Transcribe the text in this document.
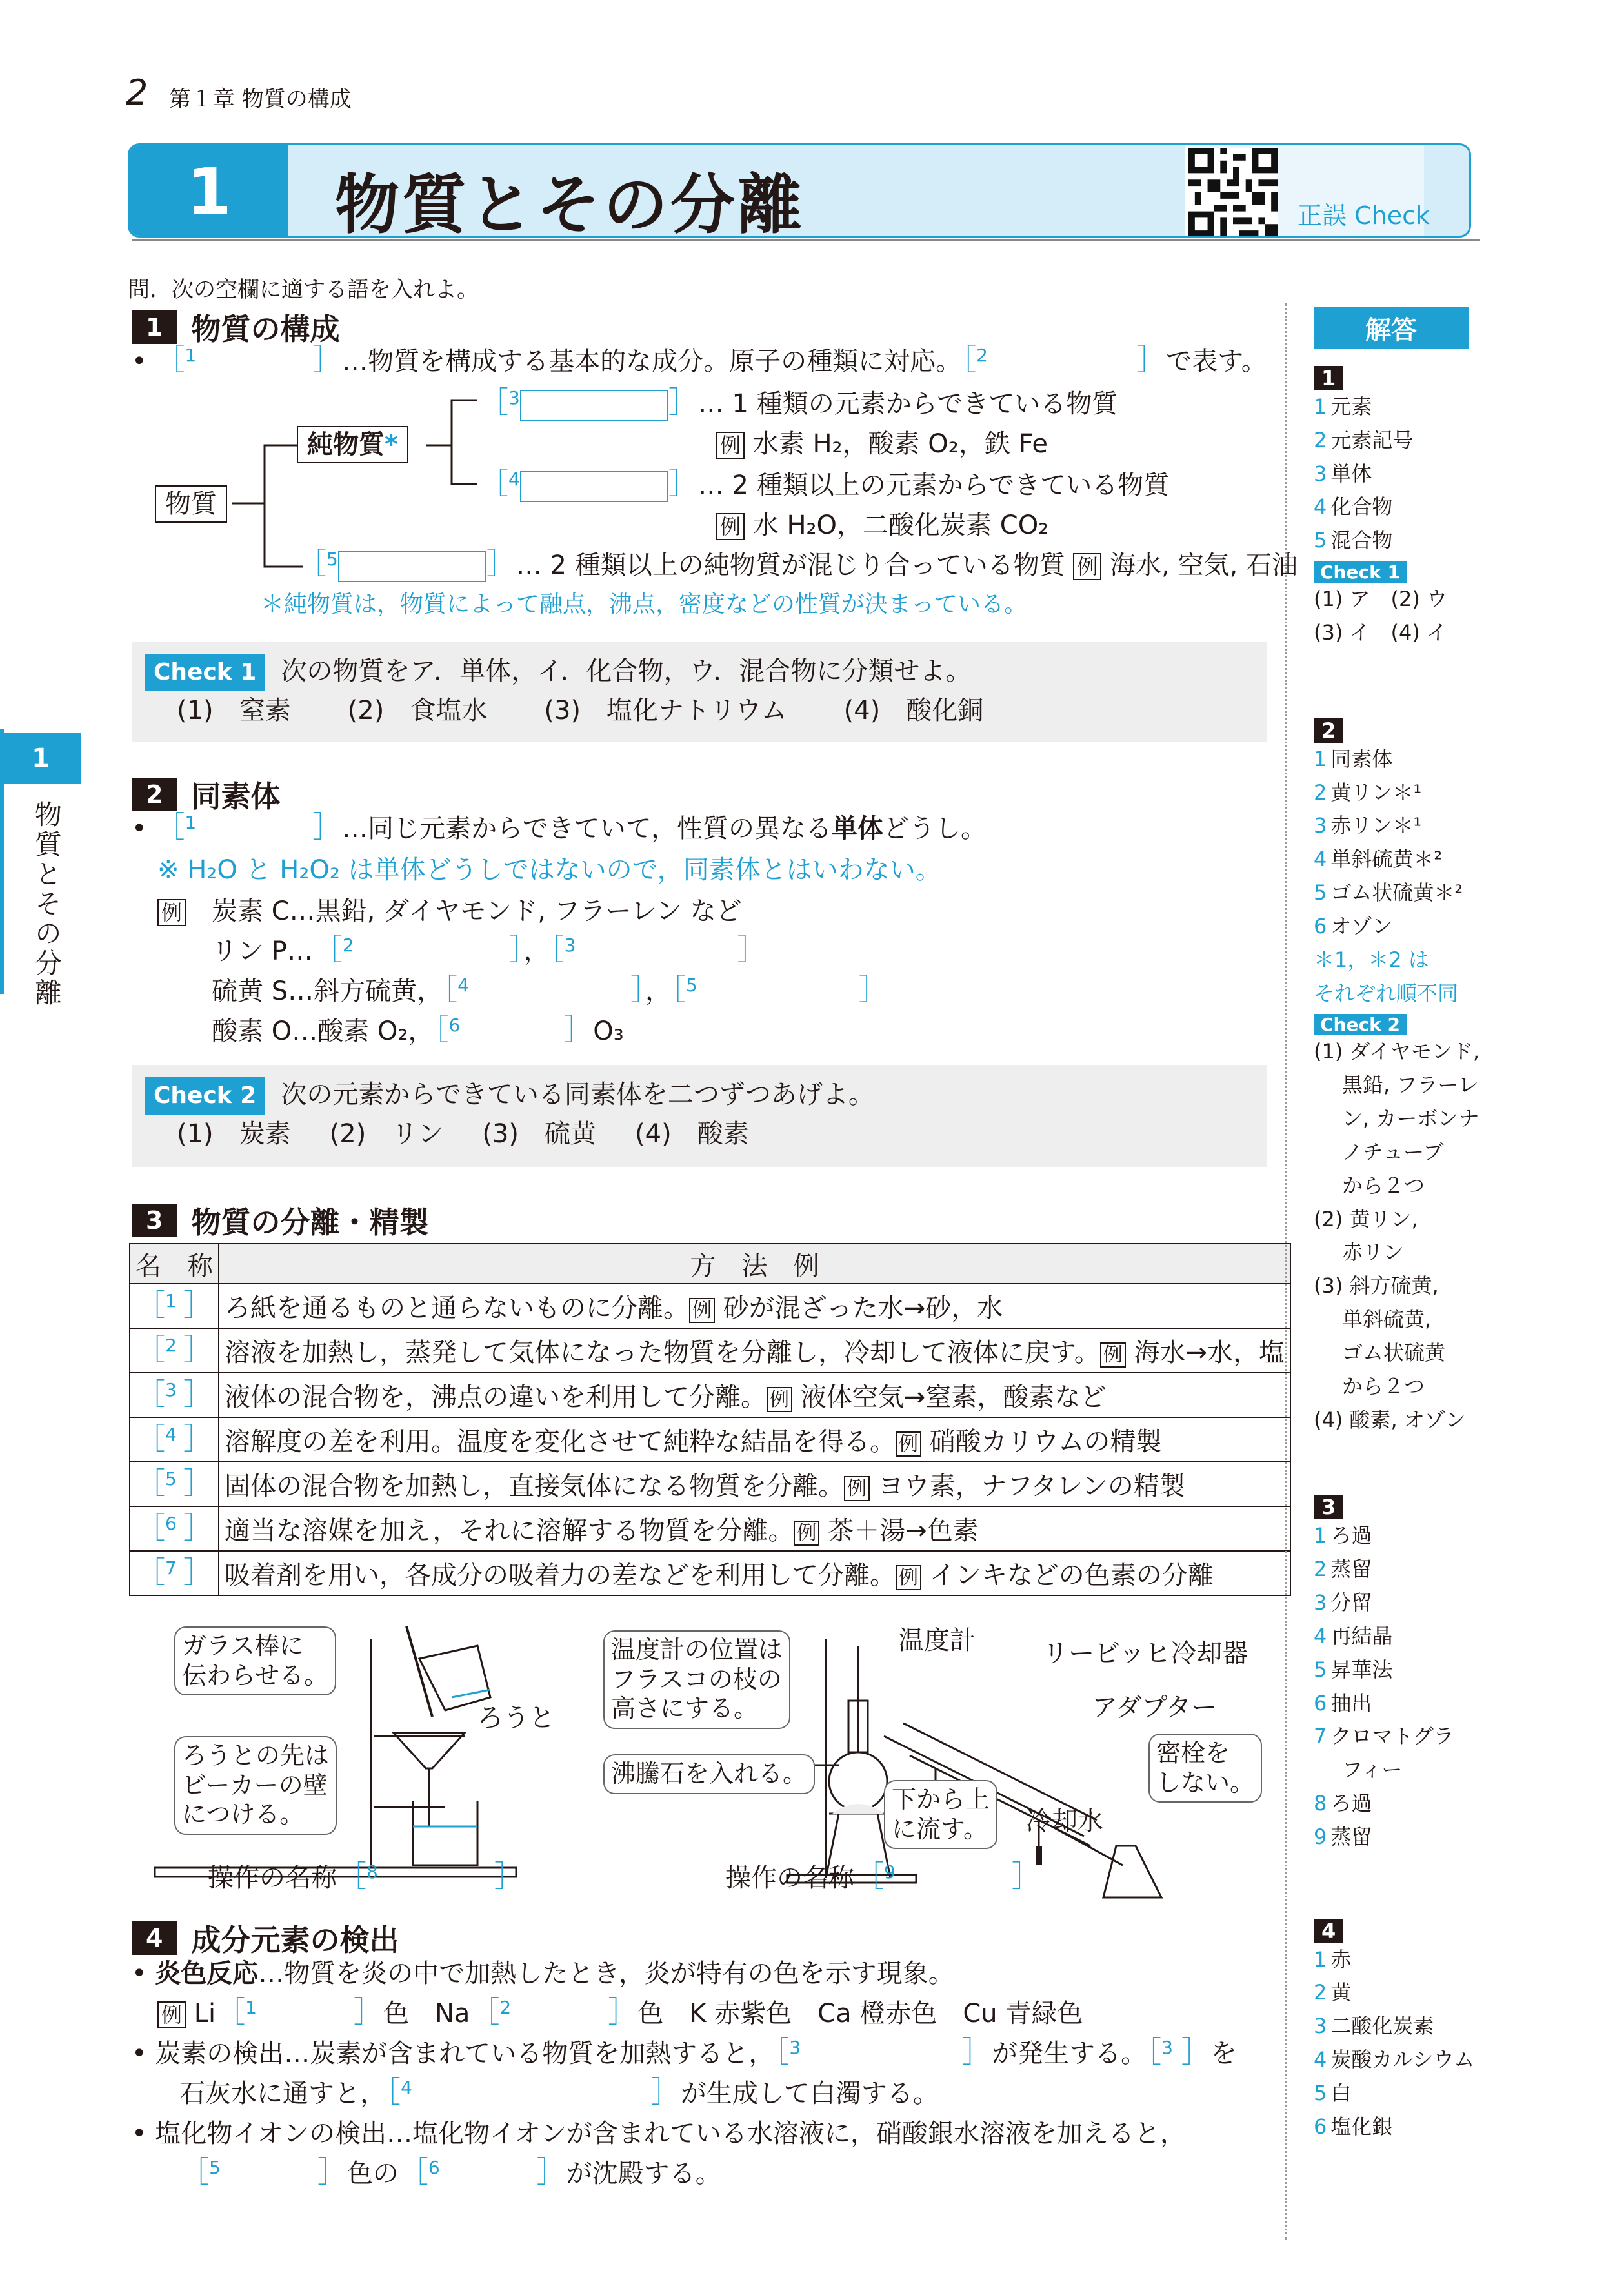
2 第１章 物質の構成
1	物質とその分離	正誤 Check
1
物質とその分離
問．次の空欄に適する語を入れよ。
1 物質の構成
• ［$^1$	］…物質を構成する基本的な成分。原子の種類に対応。［$^2$	］で表す。
物質
純物質*
［$^3$	］… 1 種類の元素からできている物質
例 水素 H₂，酸素 O₂，鉄 Fe
［$^4$	］… 2 種類以上の元素からできている物質
例 水 H₂O，二酸化炭素 CO₂
［$^5$	］… 2 種類以上の純物質が混じり合っている物質 例 海水, 空気, 石油
＊純物質は，物質によって融点，沸点，密度などの性質が決まっている。
Check 1 次の物質をア．単体，イ．化合物，ウ．混合物に分類せよ。
(1)　窒素 (2)　食塩水 (3)　塩化ナトリウム (4)　酸化銅
2 同素体
• ［$^1$	］…同じ元素からできていて，性質の異なる単体どうし。
※ H₂O と H₂O₂ は単体どうしではないので，同素体とはいわない。
例　 炭素 C…黒鉛, ダイヤモンド, フラーレン など
リン P…［$^2$	］，［$^3$	］
硫黄 S…斜方硫黄，［$^4$	］，［$^5$	］
酸素 O…酸素 O₂，［$^6$	］O₃
Check 2 次の元素からできている同素体を二つずつあげよ。
(1)　炭素 (2)　リン (3)　硫黄 (4)　酸素
3 物質の分離・精製
名　称	方　法　例
［$^1$ ］	ろ紙を通るものと通らないものに分離。 例 砂が混ざった水→砂，水
［$^2$ ］	溶液を加熱し，蒸発して気体になった物質を分離し，冷却して液体に戻す。 例 海水→水，塩
［$^3$ ］	液体の混合物を，沸点の違いを利用して分離。 例 液体空気→窒素，酸素など
［$^4$ ］	溶解度の差を利用。温度を変化させて純粋な結晶を得る。 例 硝酸カリウムの精製
［$^5$ ］	固体の混合物を加熱し，直接気体になる物質を分離。 例 ヨウ素，ナフタレンの精製
［$^6$ ］	適当な溶媒を加え，それに溶解する物質を分離。 例 茶＋湯→色素
［$^7$ ］	吸着剤を用い，各成分の吸着力の差などを利用して分離。 例 インキなどの色素の分離
ガラス棒に
伝わらせる。
ろうとの先は
ビーカーの壁
につける。
ろうと
操作の名称［$^8$	］
温度計の位置は
フラスコの枝の
高さにする。
沸騰石を入れる。
下から上
に流す。
密栓を
しない。
温度計	リービッヒ冷却器
アダプター
冷却水
操作の名称［$^9$	］
4 成分元素の検出
• 炎色反応…物質を炎の中で加熱したとき，炎が特有の色を示す現象。
例 Li［$^1$	］色　 Na［$^2$	］色　 K 赤紫色　Ca 橙赤色　Cu 青緑色
• 炭素の検出…炭素が含まれている物質を加熱すると，［$^3$	］が発生する。［$^3$ ］を
石灰水に通すと，［$^4$	］が生成して白濁する。
• 塩化物イオンの検出…塩化物イオンが含まれている水溶液に，硝酸銀水溶液を加えると，
［$^5$	］色の［$^6$	］が沈殿する。
解答
1
1 元素
2 元素記号
3 単体
4 化合物
5 混合物
Check 1
(1) ア　(2) ウ
(3) イ　(4) イ
2
1 同素体
2 黄リン＊¹
3 赤リン＊¹
4 単斜硫黄＊²
5 ゴム状硫黄＊²
6 オゾン
＊1，＊2 は
それぞれ順不同
Check 2
(1) ダイヤモンド,
黒鉛, フラーレ
ン, カーボンナ
ノチューブ
から２つ
(2) 黄リン,
赤リン
(3) 斜方硫黄,
単斜硫黄,
ゴム状硫黄
から２つ
(4) 酸素, オゾン
3
1 ろ過
2 蒸留
3 分留
4 再結晶
5 昇華法
6 抽出
7 クロマトグラ
フィー
8 ろ過
9 蒸留
4
1 赤
2 黄
3 二酸化炭素
4 炭酸カルシウム
5 白
6 塩化銀
